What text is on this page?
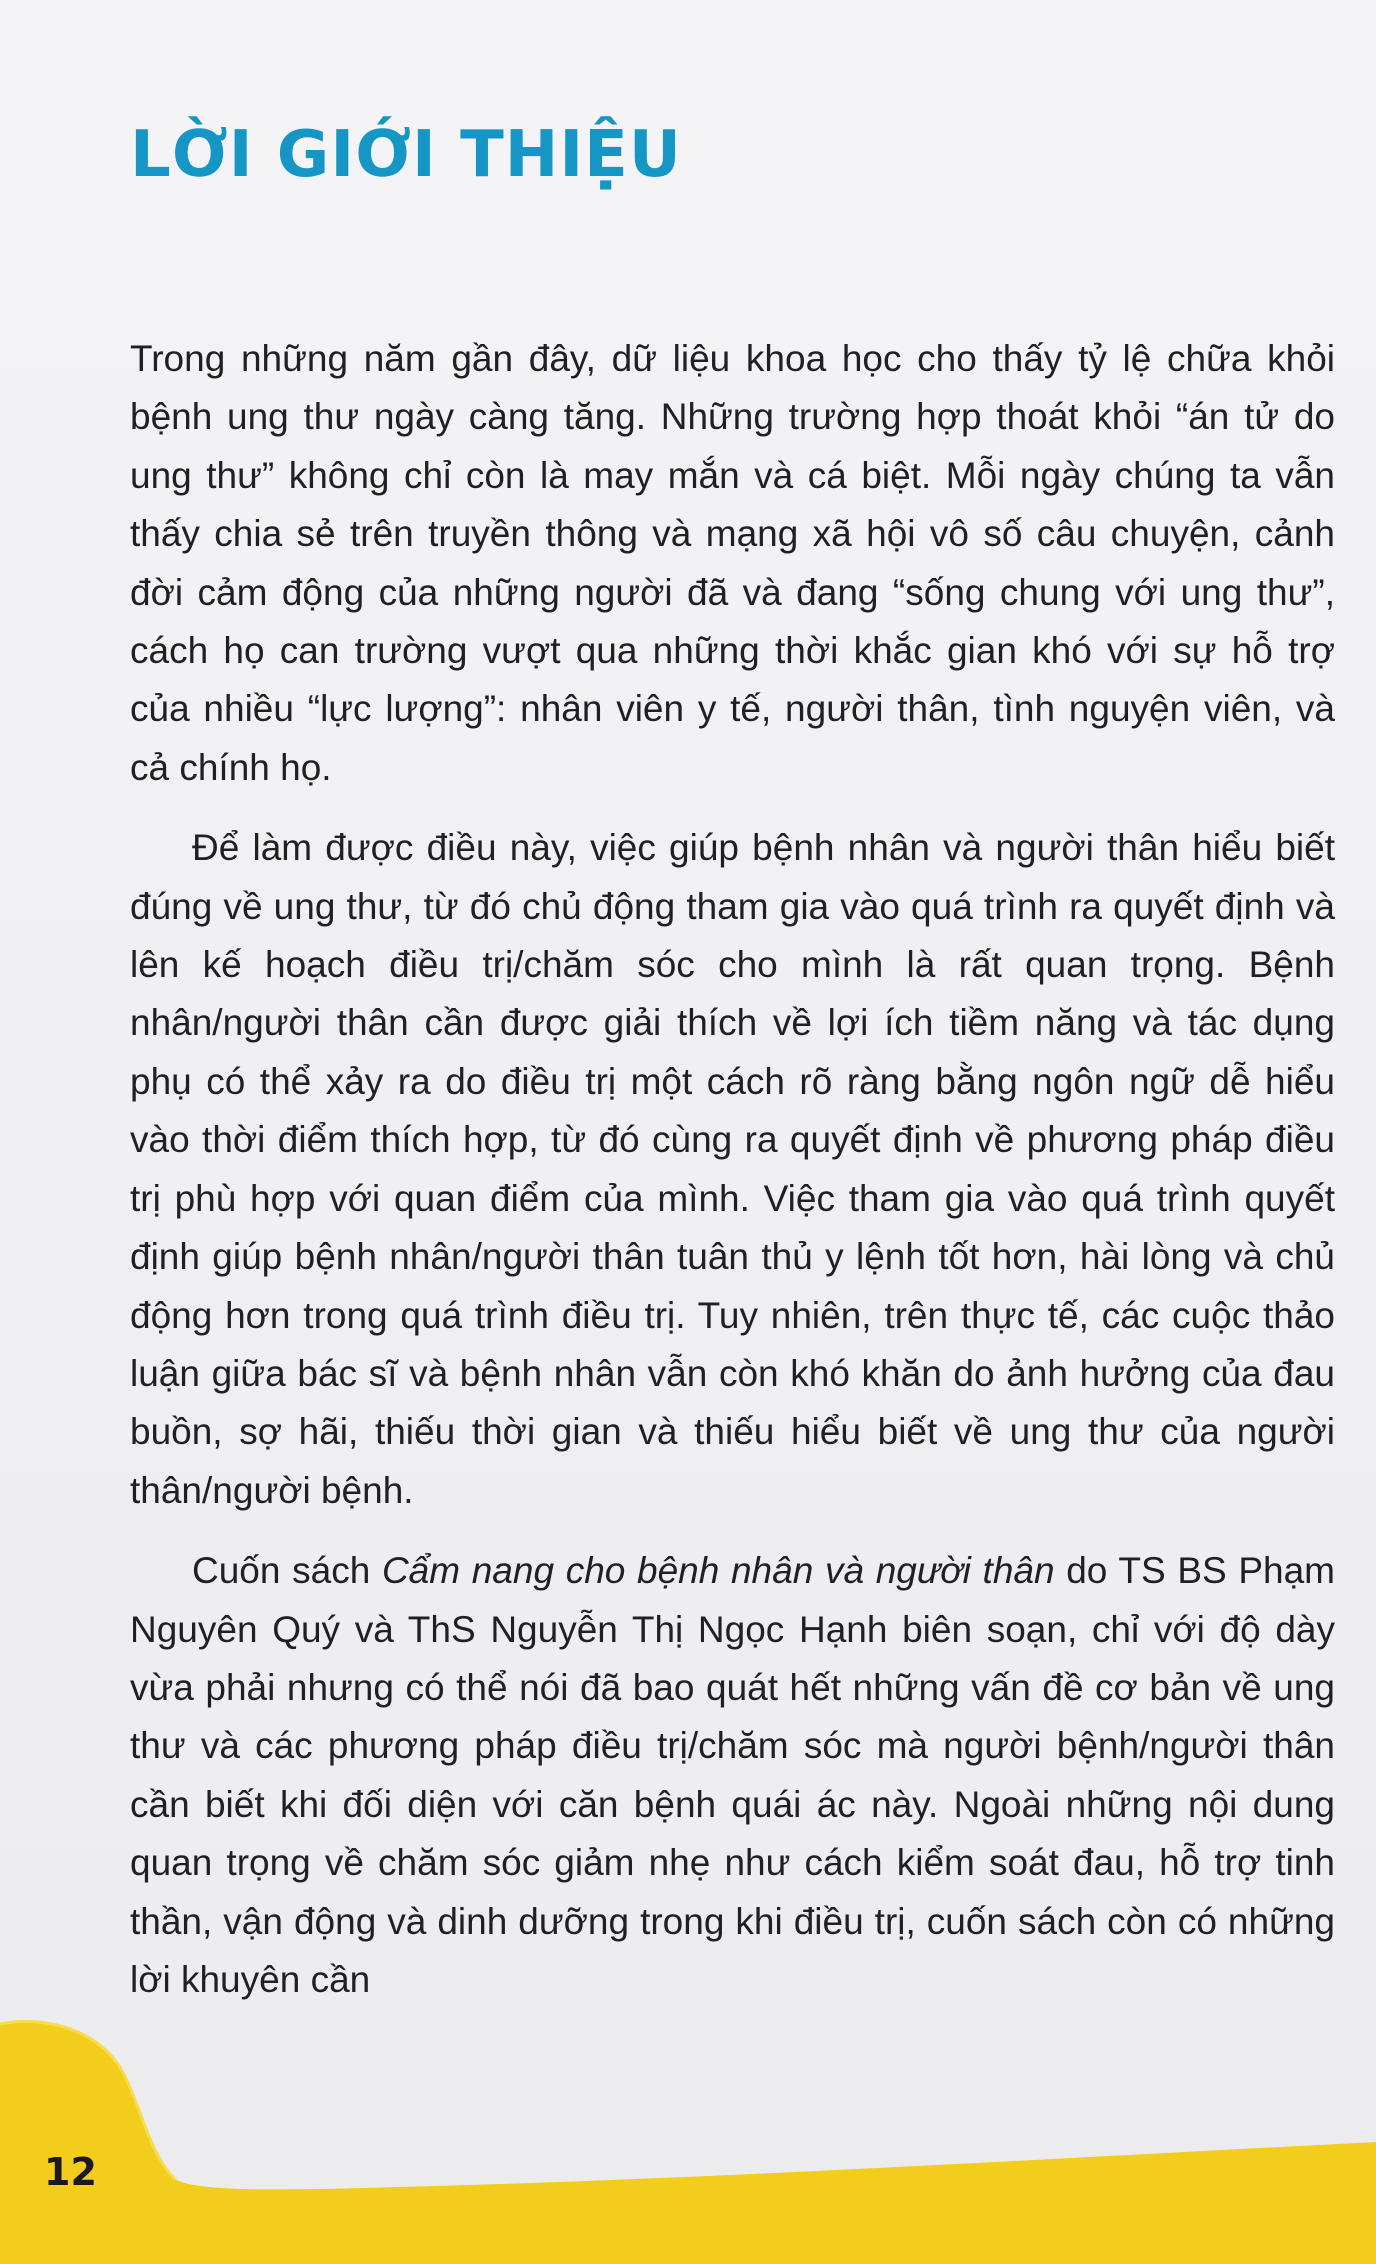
LỜI GIỚI THIỆU

Trong những năm gần đây, dữ liệu khoa học cho thấy tỷ lệ chữa khỏi bệnh ung thư ngày càng tăng. Những trường hợp thoát khỏi “án tử do ung thư” không chỉ còn là may mắn và cá biệt. Mỗi ngày chúng ta vẫn thấy chia sẻ trên truyền thông và mạng xã hội vô số câu chuyện, cảnh đời cảm động của những người đã và đang “sống chung với ung thư”, cách họ can trường vượt qua những thời khắc gian khó với sự hỗ trợ của nhiều “lực lượng”: nhân viên y tế, người thân, tình nguyện viên, và cả chính họ.

Để làm được điều này, việc giúp bệnh nhân và người thân hiểu biết đúng về ung thư, từ đó chủ động tham gia vào quá trình ra quyết định và lên kế hoạch điều trị/chăm sóc cho mình là rất quan trọng. Bệnh nhân/người thân cần được giải thích về lợi ích tiềm năng và tác dụng phụ có thể xảy ra do điều trị một cách rõ ràng bằng ngôn ngữ dễ hiểu vào thời điểm thích hợp, từ đó cùng ra quyết định về phương pháp điều trị phù hợp với quan điểm của mình. Việc tham gia vào quá trình quyết định giúp bệnh nhân/người thân tuân thủ y lệnh tốt hơn, hài lòng và chủ động hơn trong quá trình điều trị. Tuy nhiên, trên thực tế, các cuộc thảo luận giữa bác sĩ và bệnh nhân vẫn còn khó khăn do ảnh hưởng của đau buồn, sợ hãi, thiếu thời gian và thiếu hiểu biết về ung thư của người thân/người bệnh.

Cuốn sách Cẩm nang cho bệnh nhân và người thân do TS BS Phạm Nguyên Quý và ThS Nguyễn Thị Ngọc Hạnh biên soạn, chỉ với độ dày vừa phải nhưng có thể nói đã bao quát hết những vấn đề cơ bản về ung thư và các phương pháp điều trị/chăm sóc mà người bệnh/người thân cần biết khi đối diện với căn bệnh quái ác này. Ngoài những nội dung quan trọng về chăm sóc giảm nhẹ như cách kiểm soát đau, hỗ trợ tinh thần, vận động và dinh dưỡng trong khi điều trị, cuốn sách còn có những lời khuyên cần

12
